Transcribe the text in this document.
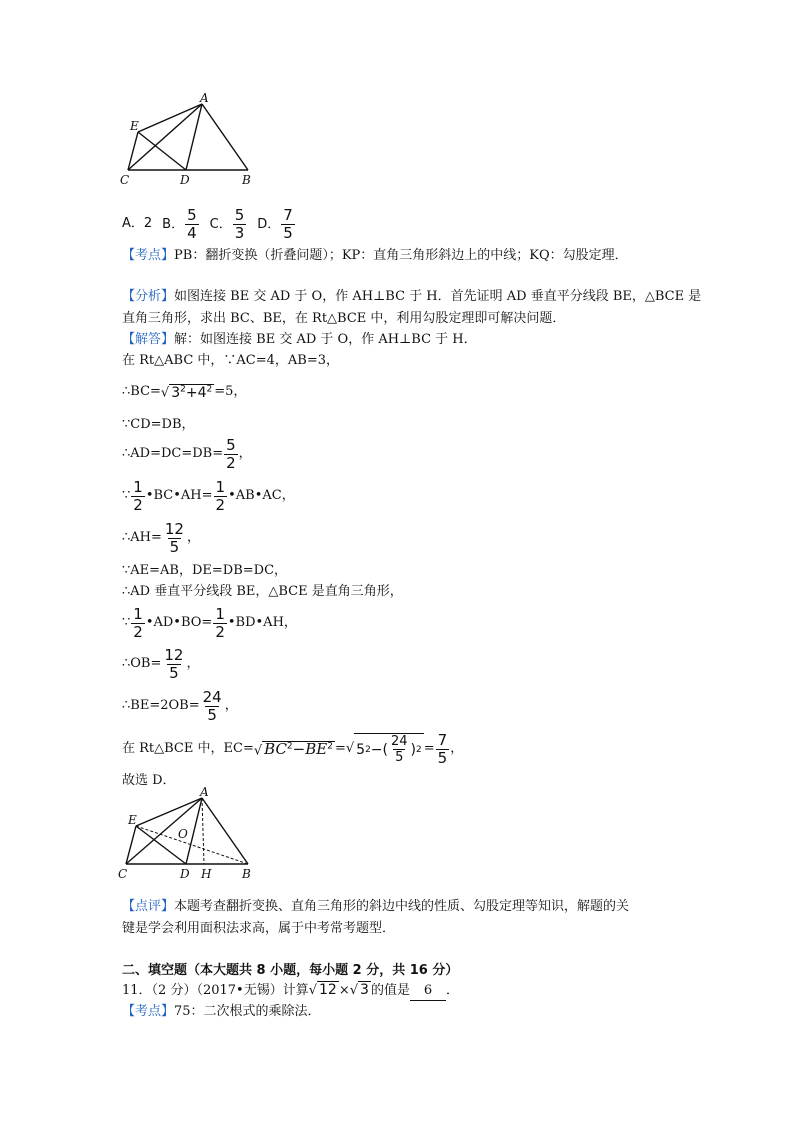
A
E
C	D	B
A．2 B． $\frac{5}{4}$ C． $\frac{5}{3}$ D． $\frac{7}{5}$
【考点】PB：翻折变换（折叠问题）；KP：直角三角形斜边上的中线；KQ：勾股定理．
【分析】如图连接 BE 交 AD 于 O，作 AH⊥BC 于 H．首先证明 AD 垂直平分线段 BE，△BCE 是
直角三角形，求出 BC、BE，在 Rt△BCE 中，利用勾股定理即可解决问题．
【解答】解：如图连接 BE 交 AD 于 O，作 AH⊥BC 于 H．
在 Rt△ABC 中，∵AC=4，AB=3，
∴BC=√ $3^2+4^2 =5$，
∵CD=DB，
∴AD=DC=DB= $\frac{5}{2}$ ，
∵ $\frac{1}{2}$ •BC•AH= $\frac{1}{2}$ •AB•AC，
∴AH= $\frac{12}{5}$ ，
∵AE=AB，DE=DB=DC，
∴AD 垂直平分线段 BE，△BCE 是直角三角形，
∵ $\frac{1}{2}$ •AD•BO= $\frac{1}{2}$ •BD•AH，
∴OB= $\frac{12}{5}$ ，
∴BE=2OB= $\frac{24}{5}$ ，
在 Rt△BCE 中，EC= √ $BC^2-BE^2$ = √ 5 2 −( $\frac{24}{5}$ ) $2 = \frac{7}{5}$ ，
故选 D．
A
E
O
C	D H	B
【点评】本题考查翻折变换、直角三角形的斜边中线的性质、勾股定理等知识，解题的关
键是学会利用面积法求高，属于中考常考题型．
二、填空题（本大题共 8 小题，每小题 2 分，共 16 分）
11．（2 分）（2017•无锡）计算√ 12 ×√ 3 的值是 6 ．
【考点】75：二次根式的乘除法．
